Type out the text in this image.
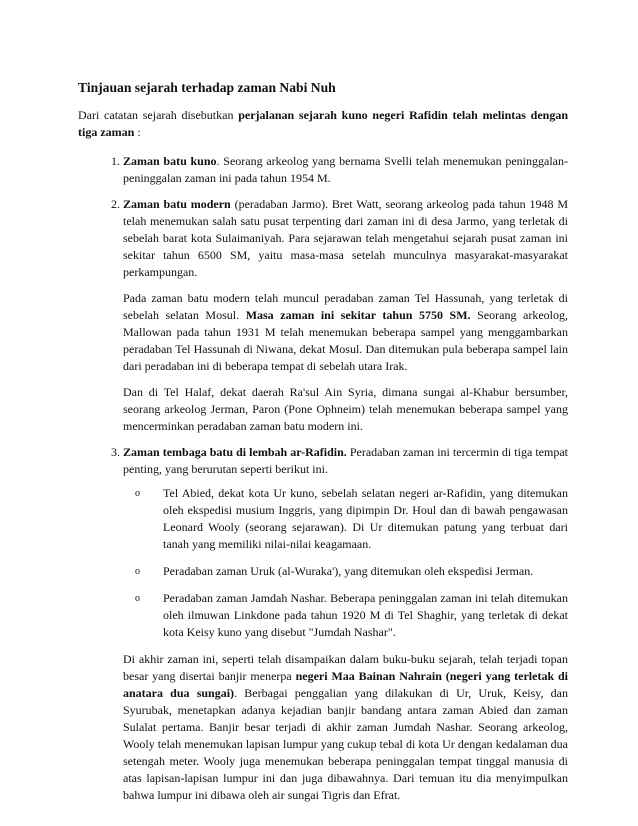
Tinjauan sejarah terhadap zaman Nabi Nuh

Dari catatan sejarah disebutkan perjalanan sejarah kuno negeri Rafidin telah melintas dengan tiga zaman :

1. Zaman batu kuno. Seorang arkeolog yang bernama Svelli telah menemukan peninggalan-peninggalan zaman ini pada tahun 1954 M.

2. Zaman batu modern (peradaban Jarmo). Bret Watt, seorang arkeolog pada tahun 1948 M telah menemukan salah satu pusat terpenting dari zaman ini di desa Jarmo, yang terletak di sebelah barat kota Sulaimaniyah. Para sejarawan telah mengetahui sejarah pusat zaman ini sekitar tahun 6500 SM, yaitu masa-masa setelah munculnya masyarakat-masyarakat perkampungan.

Pada zaman batu modern telah muncul peradaban zaman Tel Hassunah, yang terletak di sebelah selatan Mosul. Masa zaman ini sekitar tahun 5750 SM. Seorang arkeolog, Mallowan pada tahun 1931 M telah menemukan beberapa sampel yang menggambarkan peradaban Tel Hassunah di Niwana, dekat Mosul. Dan ditemukan pula beberapa sampel lain dari peradaban ini di beberapa tempat di sebelah utara Irak.

Dan di Tel Halaf, dekat daerah Ra'sul Ain Syria, dimana sungai al-Khabur bersumber, seorang arkeolog Jerman, Paron (Pone Ophneim) telah menemukan beberapa sampel yang mencerminkan peradaban zaman batu modern ini.

3. Zaman tembaga batu di lembah ar-Rafidin. Peradaban zaman ini tercermin di tiga tempat penting, yang berurutan seperti berikut ini.

o Tel Abied, dekat kota Ur kuno, sebelah selatan negeri ar-Rafidin, yang ditemukan oleh ekspedisi musium Inggris, yang dipimpin Dr. Houl dan di bawah pengawasan Leonard Wooly (seorang sejarawan). Di Ur ditemukan patung yang terbuat dari tanah yang memiliki nilai-nilai keagamaan.
o Peradaban zaman Uruk (al-Wuraka'), yang ditemukan oleh ekspedisi Jerman.
o Peradaban zaman Jamdah Nashar. Beberapa peninggalan zaman ini telah ditemukan oleh ilmuwan Linkdone pada tahun 1920 M di Tel Shaghir, yang terletak di dekat kota Keisy kuno yang disebut "Jumdah Nashar".

Di akhir zaman ini, seperti telah disampaikan dalam buku-buku sejarah, telah terjadi topan besar yang disertai banjir menerpa negeri Maa Bainan Nahrain (negeri yang terletak di anatara dua sungai). Berbagai penggalian yang dilakukan di Ur, Uruk, Keisy, dan Syurubak, menetapkan adanya kejadian banjir bandang antara zaman Abied dan zaman Sulalat pertama. Banjir besar terjadi di akhir zaman Jumdah Nashar. Seorang arkeolog, Wooly telah menemukan lapisan lumpur yang cukup tebal di kota Ur dengan kedalaman dua setengah meter. Wooly juga menemukan beberapa peninggalan tempat tinggal manusia di atas lapisan-lapisan lumpur ini dan juga dibawahnya. Dari temuan itu dia menyimpulkan bahwa lumpur ini dibawa oleh air sungai Tigris dan Efrat.
